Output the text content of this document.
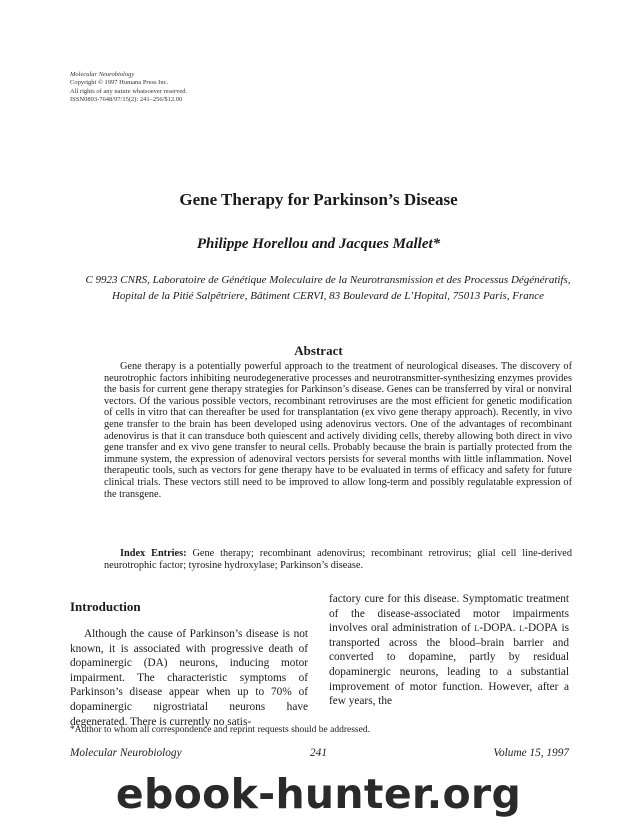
Molecular Neurobiology
Copyright © 1997 Humana Press Inc.
All rights of any nature whatsoever reserved.
ISSN0893-7648/97/15(2): 241–256/$12.00
Gene Therapy for Parkinson’s Disease
Philippe Horellou and Jacques Mallet*
C 9923 CNRS, Laboratoire de Génétique Moleculaire de la Neurotransmission et des Processus Dégénératifs, Hopital de la Pitié Salpêtriere, Bâtiment CERVI, 83 Boulevard de L’Hopital, 75013 Paris, France
Abstract
Gene therapy is a potentially powerful approach to the treatment of neurological diseases. The discovery of neurotrophic factors inhibiting neurodegenerative processes and neurotransmitter-synthesizing enzymes provides the basis for current gene therapy strategies for Parkinson’s disease. Genes can be transferred by viral or nonviral vectors. Of the various possible vectors, recombinant retroviruses are the most efficient for genetic modification of cells in vitro that can thereafter be used for transplantation (ex vivo gene therapy approach). Recently, in vivo gene transfer to the brain has been developed using adenovirus vectors. One of the advantages of recombinant adenovirus is that it can transduce both quiescent and actively dividing cells, thereby allowing both direct in vivo gene transfer and ex vivo gene transfer to neural cells. Probably because the brain is partially protected from the immune system, the expression of adenoviral vectors persists for several months with little inflammation. Novel therapeutic tools, such as vectors for gene therapy have to be evaluated in terms of efficacy and safety for future clinical trials. These vectors still need to be improved to allow long-term and possibly regulatable expression of the transgene.
Index Entries: Gene therapy; recombinant adenovirus; recombinant retrovirus; glial cell line-derived neurotrophic factor; tyrosine hydroxylase; Parkinson’s disease.
Introduction
Although the cause of Parkinson’s disease is not known, it is associated with progressive death of dopaminergic (DA) neurons, inducing motor impairment. The characteristic symptoms of Parkinson’s disease appear when up to 70% of dopaminergic nigrostriatal neurons have degenerated. There is currently no satis-
factory cure for this disease. Symptomatic treatment of the disease-associated motor impairments involves oral administration of l-DOPA. l-DOPA is transported across the blood–brain barrier and converted to dopamine, partly by residual dopaminergic neurons, leading to a substantial improvement of motor function. However, after a few years, the
*Author to whom all correspondence and reprint requests should be addressed.
Molecular Neurobiology	241	Volume 15, 1997
ebook-hunter.org
